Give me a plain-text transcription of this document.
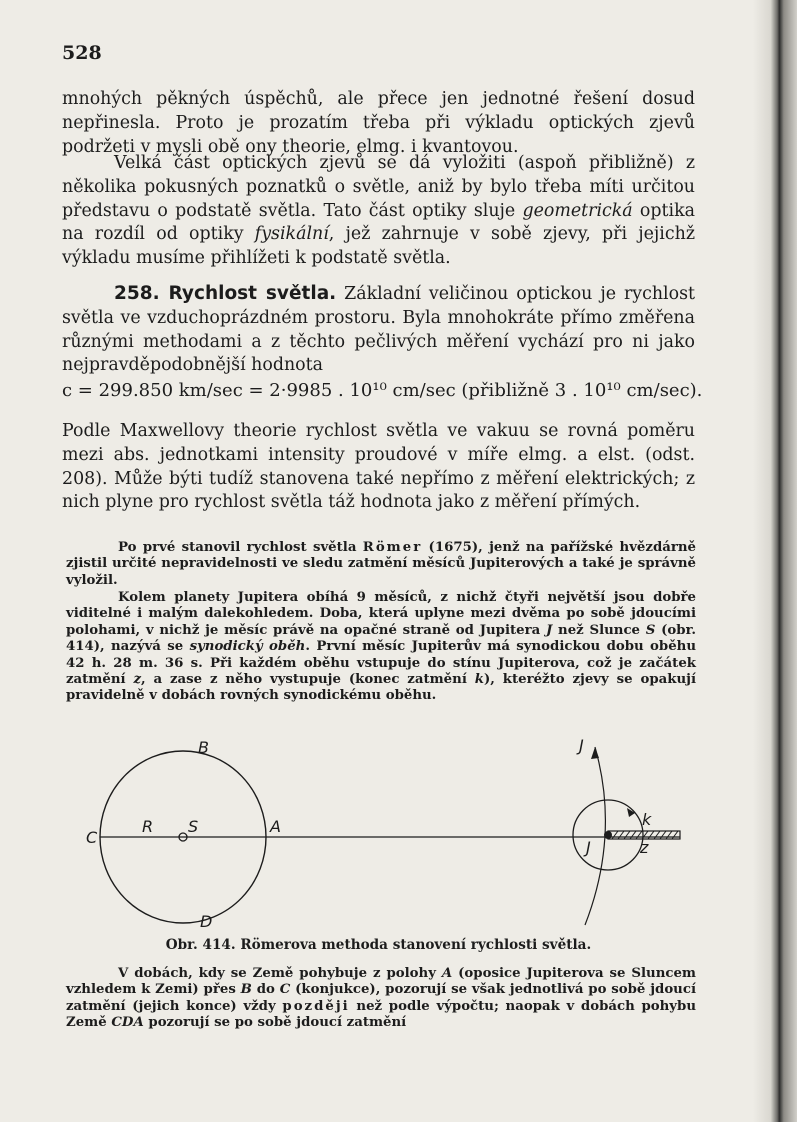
528
mnohých pěkných úspěchů, ale přece jen jednotné řešení dosud nepřinesla. Proto je prozatím třeba při výkladu optických zjevů podržeti v mysli obě ony theorie, elmg. i kvantovou.
Velká část optických zjevů se dá vyložiti (aspoň přibližně) z několika pokusných poznatků o světle, aniž by bylo třeba míti určitou představu o podstatě světla. Tato část optiky sluje geometrická optika na rozdíl od optiky fysikální, jež zahrnuje v sobě zjevy, při jejichž výkladu musíme přihlížeti k podstatě světla.
258. Rychlost světla. Základní veličinou optickou je rychlost světla ve vzduchoprázdném prostoru. Byla mnohokráte přímo změřena různými methodami a z těchto pečlivých měření vychází pro ni jako nejpravděpodobnější hodnota
c = 299.850 km/sec = 2·9985 . 10¹⁰ cm/sec (přibližně 3 . 10¹⁰ cm/sec).
Podle Maxwellovy theorie rychlost světla ve vakuu se rovná poměru mezi abs. jednotkami intensity proudové v míře elmg. a elst. (odst. 208). Může býti tudíž stanovena také nepřímo z měření elektrických; z nich plyne pro rychlost světla táž hodnota jako z měření přímých.
Po prvé stanovil rychlost světla Römer (1675), jenž na pařížské hvězdárně zjistil určité nepravidelnosti ve sledu zatmění měsíců Jupiterových a také je správně vyložil.
Kolem planety Jupitera obíhá 9 měsíců, z nichž čtyři největší jsou dobře viditelné i malým dalekohledem. Doba, která uplyne mezi dvěma po sobě jdoucími polohami, v nichž je měsíc právě na opačné straně od Jupitera J než Slunce S (obr. 414), nazývá se synodický oběh. První měsíc Jupiterův má synodickou dobu oběhu 42 h. 28 m. 36 s. Při každém oběhu vstupuje do stínu Jupiterova, což je začátek zatmění z, a zase z něho vystupuje (konec zatmění k), kteréžto zjevy se opakují pravidelně v dobách rovných synodickému oběhu.
B
C
R S	A
D
J
J
k
z
Obr. 414. Römerova methoda stanovení rychlosti světla.
V dobách, kdy se Země pohybuje z polohy A (oposice Jupiterova se Sluncem vzhledem k Zemi) přes B do C (konjukce), pozorují se však jednotlivá po sobě jdoucí zatmění (jejich konce) vždy později než podle výpočtu; naopak v dobách pohybu Země CDA pozorují se po sobě jdoucí zatmění
